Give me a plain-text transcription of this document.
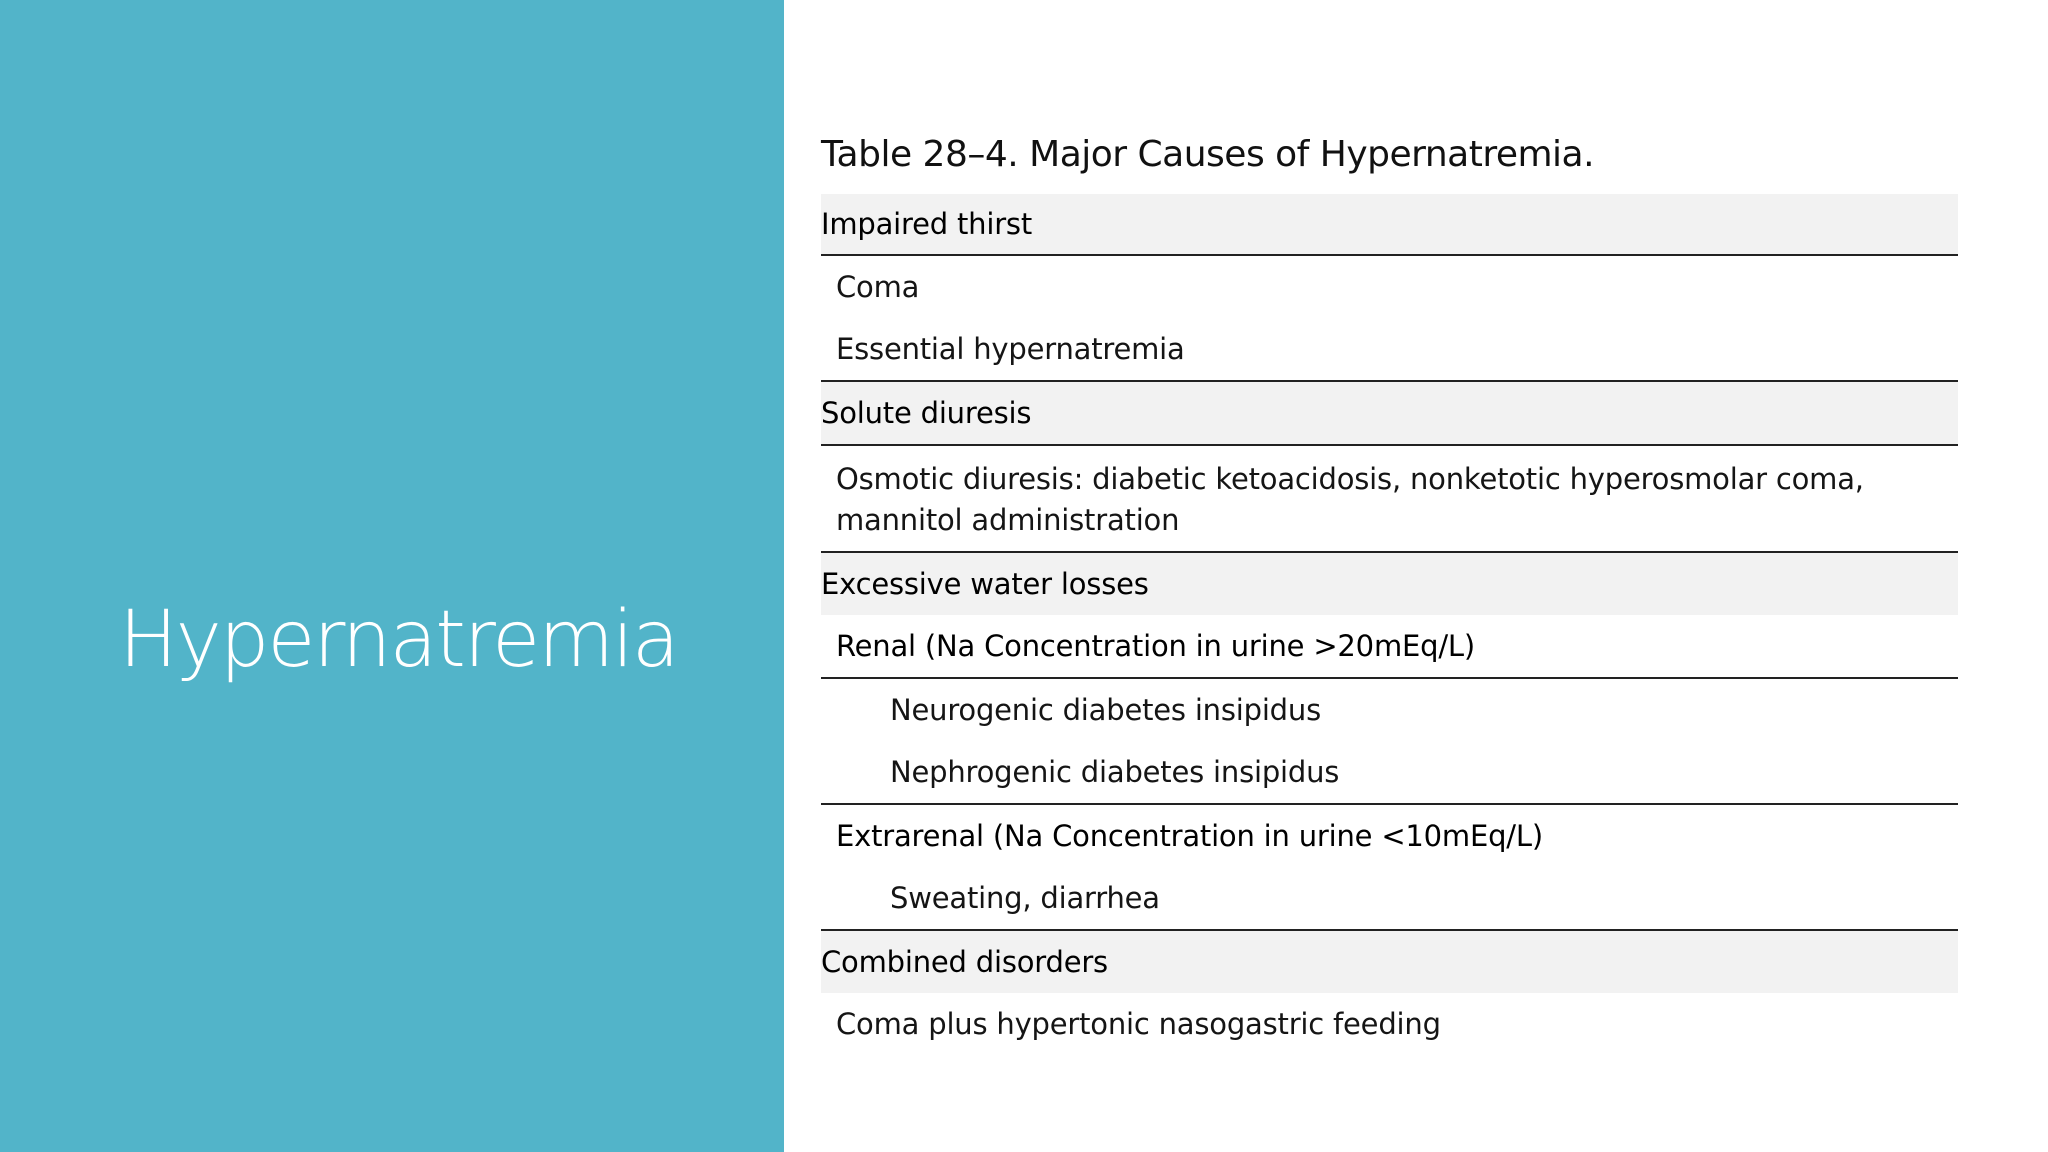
Hypernatremia
Table 28–4. Major Causes of Hypernatremia.
Impaired thirst
Coma
Essential hypernatremia
Solute diuresis
Osmotic diuresis: diabetic ketoacidosis, nonketotic hyperosmolar coma, mannitol administration
Excessive water losses
Renal (Na Concentration in urine >20mEq/L)
Neurogenic diabetes insipidus
Nephrogenic diabetes insipidus
Extrarenal (Na Concentration in urine <10mEq/L)
Sweating, diarrhea
Combined disorders
Coma plus hypertonic nasogastric feeding
